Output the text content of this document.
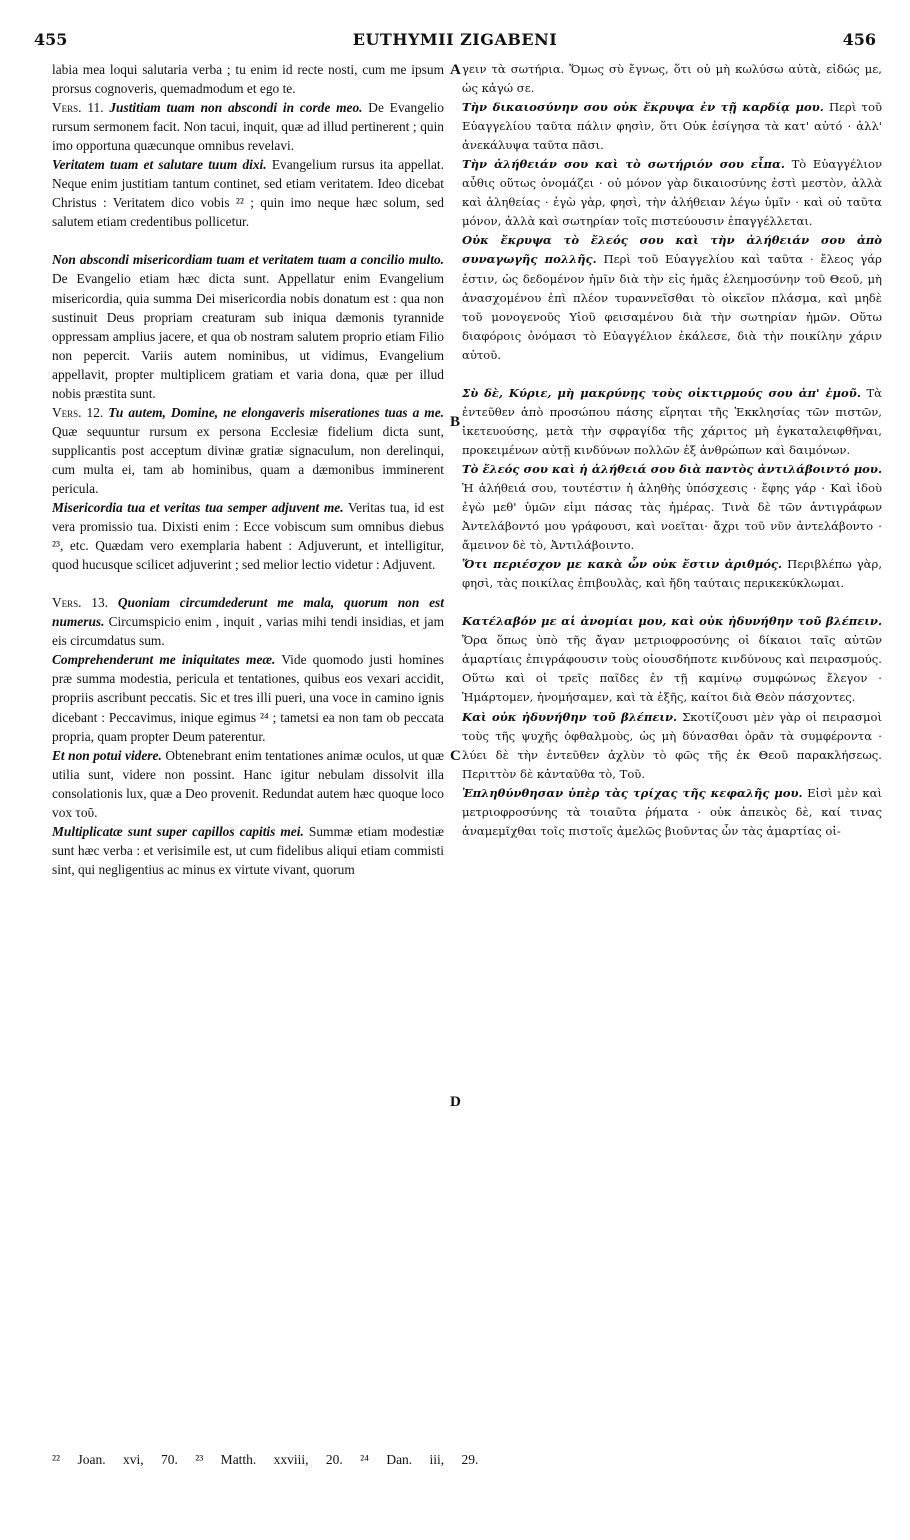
455	EUTHYMII ZIGABENI	456

labia mea loqui salutaria verba ; tu enim id recte nosti, cum me ipsum prorsus cognoveris, quemadmodum et ego te.

Vers. 11. Justitiam tuam non abscondi in corde meo. De Evangelio rursum sermonem facit. Non tacui, inquit, quæ ad illud pertinerent ; quin imo opportuna quæcunque omnibus revelavi.

Veritatem tuam et salutare tuum dixi. Evangelium rursus ita appellat. Neque enim justitiam tantum continet, sed etiam veritatem. Ideo dicebat Christus : Veritatem dico vobis ²² ; quin imo neque hæc solum, sed salutem etiam credentibus pollicetur.

Non abscondi misericordiam tuam et veritatem tuam a concilio multo. De Evangelio etiam hæc dicta sunt. Appellatur enim Evangelium misericordia, quia summa Dei misericordia nobis donatum est : qua non sustinuit Deus propriam creaturam sub iniqua dæmonis tyrannide oppressam amplius jacere, et qua ob nostram salutem proprio etiam Filio non pepercit. Variis autem nominibus, ut vidimus, Evangelium appellavit, propter multiplicem gratiam et varia dona, quæ per illud nobis præstita sunt.

Vers. 12. Tu autem, Domine, ne elongaveris miserationes tuas a me. Quæ sequuntur rursum ex persona Ecclesiæ fidelium dicta sunt, supplicantis post acceptum divinæ gratiæ signaculum, non derelinqui, cum multa ei, tam ab hominibus, quam a dæmonibus imminerent pericula.

Misericordia tua et veritas tua semper adjuvent me. Veritas tua, id est vera promissio tua. Dixisti enim : Ecce vobiscum sum omnibus diebus ²³, etc. Quædam vero exemplaria habent : Adjuverunt, et intelligitur, quod hucusque scilicet adjuverint ; sed melior lectio videtur : Adjuvent.

Vers. 13. Quoniam circumdederunt me mala, quorum non est numerus. Circumspicio enim , inquit , varias mihi tendi insidias, et jam eis circumdatus sum.

Comprehenderunt me iniquitates meæ. Vide quomodo justi homines præ summa modestia, pericula et tentationes, quibus eos vexari accidit, propriis ascribunt peccatis. Sic et tres illi pueri, una voce in camino ignis dicebant : Peccavimus, inique egimus ²⁴ ; tametsi ea non tam ob peccata propria, quam propter Deum paterentur.

Et non potui videre. Obtenebrant enim tentationes animæ oculos, ut quæ utilia sunt, videre non possint. Hanc igitur nebulam dissolvit illa consolationis lux, quæ a Deo provenit. Redundat autem hæc quoque loco vox τοῦ.

Multiplicatæ sunt super capillos capitis mei. Summæ etiam modestiæ sunt hæc verba : et verisimile est, ut cum fidelibus aliqui etiam commisti sint, qui negligentius ac minus ex virtute vivant, quorum

A
B
C
D

γειν τὰ σωτήρια. Ὅμως σὺ ἔγνως, ὅτι οὐ μὴ κωλύσω αὐτὰ, εἰδώς με, ὡς κἀγώ σε.

Τὴν δικαιοσύνην σου οὐκ ἔκρυψα ἐν τῇ καρδίᾳ μου. Περὶ τοῦ Εὐαγγελίου ταῦτα πάλιν φησὶν, ὅτι Οὐκ ἐσίγησα τὰ κατ' αὐτό · ἀλλ' ἀνεκάλυψα ταῦτα πᾶσι.

Τὴν ἀλήθειάν σου καὶ τὸ σωτήριόν σου εἶπα. Τὸ Εὐαγγέλιον αὖθις οὕτως ὀνομάζει · οὐ μόνον γὰρ δικαιοσύνης ἐστὶ μεστὸν, ἀλλὰ καὶ ἀληθείας · ἐγὼ γὰρ, φησὶ, τὴν ἀλήθειαν λέγω ὑμῖν · καὶ οὐ ταῦτα μόνον, ἀλλὰ καὶ σωτηρίαν τοῖς πιστεύουσιν ἐπαγγέλλεται.

Οὐκ ἔκρυψα τὸ ἔλεός σου καὶ τὴν ἀλήθειάν σου ἀπὸ συναγωγῆς πολλῆς. Περὶ τοῦ Εὐαγγελίου καὶ ταῦτα · ἔλεος γάρ ἐστιν, ὡς δεδομένον ἡμῖν διὰ τὴν εἰς ἡμᾶς ἐλεημοσύνην τοῦ Θεοῦ, μὴ ἀνασχομένου ἐπὶ πλέον τυραννεῖσθαι τὸ οἰκεῖον πλάσμα, καὶ μηδὲ τοῦ μονογενοῦς Υἱοῦ φεισαμένου διὰ τὴν σωτηρίαν ἡμῶν. Οὕτω διαφόροις ὀνόμασι τὸ Εὐαγγέλιον ἐκάλεσε, διὰ τὴν ποικίλην χάριν αὐτοῦ.

Σὺ δὲ, Κύριε, μὴ μακρύνῃς τοὺς οἰκτιρμούς σου ἀπ' ἐμοῦ. Τὰ ἐντεῦθεν ἀπὸ προσώπου πάσης εἴρηται τῆς Ἐκκλησίας τῶν πιστῶν, ἱκετευούσης, μετὰ τὴν σφραγίδα τῆς χάριτος μὴ ἐγκαταλειφθῆναι, προκειμένων αὐτῇ κινδύνων πολλῶν ἐξ ἀνθρώπων καὶ δαιμόνων.

Τὸ ἔλεός σου καὶ ἡ ἀλήθειά σου διὰ παντὸς ἀντιλάβοιντό μου. Ἡ ἀλήθειά σου, τουτέστιν ἡ ἀληθὴς ὑπόσχεσις · ἔφης γάρ · Καὶ ἰδοὺ ἐγὼ μεθ' ὑμῶν εἰμι πάσας τὰς ἡμέρας. Τινὰ δὲ τῶν ἀντιγράφων Ἀντελάβοντό μου γράφουσι, καὶ νοεῖται· ἄχρι τοῦ νῦν ἀντελάβοντο · ἄμεινον δὲ τὸ, Ἀντιλάβοιντο.

Ὅτι περιέσχον με κακὰ ὧν οὐκ ἔστιν ἀριθμός. Περιβλέπω γὰρ, φησὶ, τὰς ποικίλας ἐπιβουλὰς, καὶ ἤδη ταύταις περικεκύκλωμαι.

Κατέλαβόν με αἱ ἀνομίαι μου, καὶ οὐκ ἠδυνήθην τοῦ βλέπειν. Ὅρα ὅπως ὑπὸ τῆς ἄγαν μετριοφροσύνης οἱ δίκαιοι ταῖς αὐτῶν ἁμαρτίαις ἐπιγράφουσιν τοὺς οἱουσδήποτε κινδύνους καὶ πειρασμούς. Οὕτω καὶ οἱ τρεῖς παῖδες ἐν τῇ καμίνῳ συμφώνως ἔλεγον · Ἡμάρτομεν, ἠνομήσαμεν, καὶ τὰ ἑξῆς, καίτοι διὰ Θεὸν πάσχοντες.

Καὶ οὐκ ἠδυνήθην τοῦ βλέπειν. Σκοτίζουσι μὲν γὰρ οἱ πειρασμοὶ τοὺς τῆς ψυχῆς ὀφθαλμοὺς, ὡς μὴ δύνασθαι ὁρᾶν τὰ συμφέροντα · λύει δὲ τὴν ἐντεῦθεν ἀχλὺν τὸ φῶς τῆς ἐκ Θεοῦ παρακλήσεως. Περιττὸν δὲ κἀνταῦθα τὸ, Τοῦ.

Ἐπληθύνθησαν ὑπὲρ τὰς τρίχας τῆς κεφαλῆς μου. Εἰσὶ μὲν καὶ μετριοφροσύνης τὰ τοιαῦτα ῥήματα · οὐκ ἀπεικὸς δὲ, καί τινας ἀναμεμῖχθαι τοῖς πιστοῖς ἀμελῶς βιοῦντας ὧν τὰς ἁμαρτίας οἰ-

²² Joan. xvi, 70. ²³ Matth. xxviii, 20. ²⁴ Dan. iii, 29.
